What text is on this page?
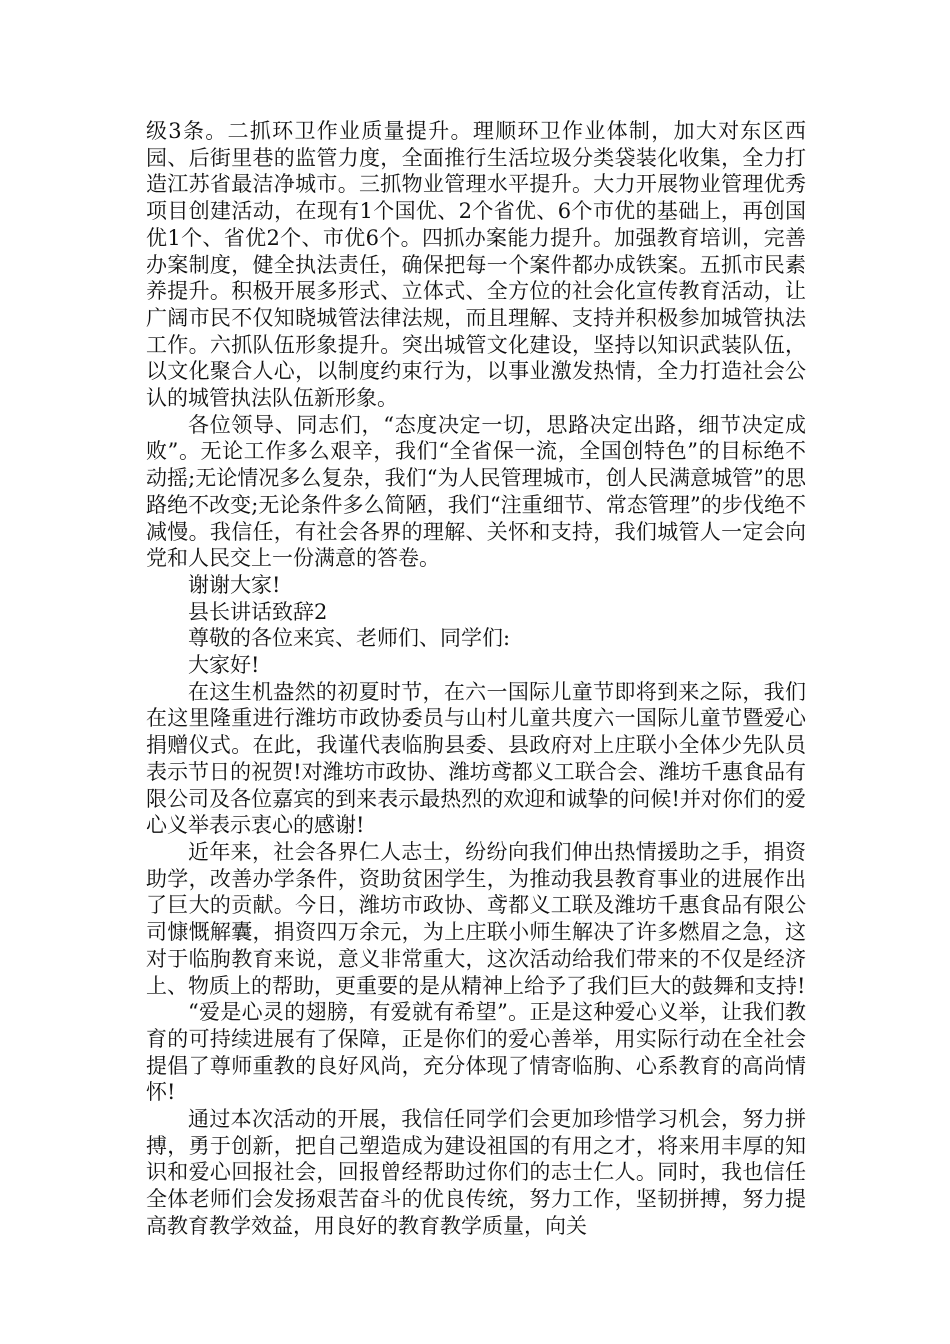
级3条。二抓环卫作业质量提升。理顺环卫作业体制，加大对东区西园、后街里巷的监管力度，全面推行生活垃圾分类袋装化收集，全力打造江苏省最洁净城市。三抓物业管理水平提升。大力开展物业管理优秀项目创建活动，在现有1个国优、2个省优、6个市优的基础上，再创国优1个、省优2个、市优6个。四抓办案能力提升。加强教育培训，完善办案制度，健全执法责任，确保把每一个案件都办成铁案。五抓市民素养提升。积极开展多形式、立体式、全方位的社会化宣传教育活动，让广阔市民不仅知晓城管法律法规，而且理解、支持并积极参加城管执法工作。六抓队伍形象提升。突出城管文化建设，坚持以知识武装队伍，以文化聚合人心，以制度约束行为，以事业激发热情，全力打造社会公认的城管执法队伍新形象。

各位领导、同志们，“态度决定一切，思路决定出路，细节决定成败”。无论工作多么艰辛，我们“全省保一流，全国创特色”的目标绝不动摇;无论情况多么复杂，我们“为人民管理城市，创人民满意城管”的思路绝不改变;无论条件多么简陋，我们“注重细节、常态管理”的步伐绝不减慢。我信任，有社会各界的理解、关怀和支持，我们城管人一定会向党和人民交上一份满意的答卷。

谢谢大家!

县长讲话致辞2

尊敬的各位来宾、老师们、同学们:

大家好!

在这生机盎然的初夏时节，在六一国际儿童节即将到来之际，我们在这里隆重进行潍坊市政协委员与山村儿童共度六一国际儿童节暨爱心捐赠仪式。在此，我谨代表临朐县委、县政府对上庄联小全体少先队员表示节日的祝贺!对潍坊市政协、潍坊鸢都义工联合会、潍坊千惠食品有限公司及各位嘉宾的到来表示最热烈的欢迎和诚挚的问候!并对你们的爱心义举表示衷心的感谢!

近年来，社会各界仁人志士，纷纷向我们伸出热情援助之手，捐资助学，改善办学条件，资助贫困学生，为推动我县教育事业的进展作出了巨大的贡献。今日，潍坊市政协、鸢都义工联及潍坊千惠食品有限公司慷慨解囊，捐资四万余元，为上庄联小师生解决了许多燃眉之急，这对于临朐教育来说，意义非常重大，这次活动给我们带来的不仅是经济上、物质上的帮助，更重要的是从精神上给予了我们巨大的鼓舞和支持!

“爱是心灵的翅膀，有爱就有希望”。正是这种爱心义举，让我们教育的可持续进展有了保障，正是你们的爱心善举，用实际行动在全社会提倡了尊师重教的良好风尚，充分体现了情寄临朐、心系教育的高尚情怀!

通过本次活动的开展，我信任同学们会更加珍惜学习机会，努力拼搏，勇于创新，把自己塑造成为建设祖国的有用之才，将来用丰厚的知识和爱心回报社会，回报曾经帮助过你们的志士仁人。同时，我也信任全体老师们会发扬艰苦奋斗的优良传统，努力工作，坚韧拼搏，努力提高教育教学效益，用良好的教育教学质量，向关
